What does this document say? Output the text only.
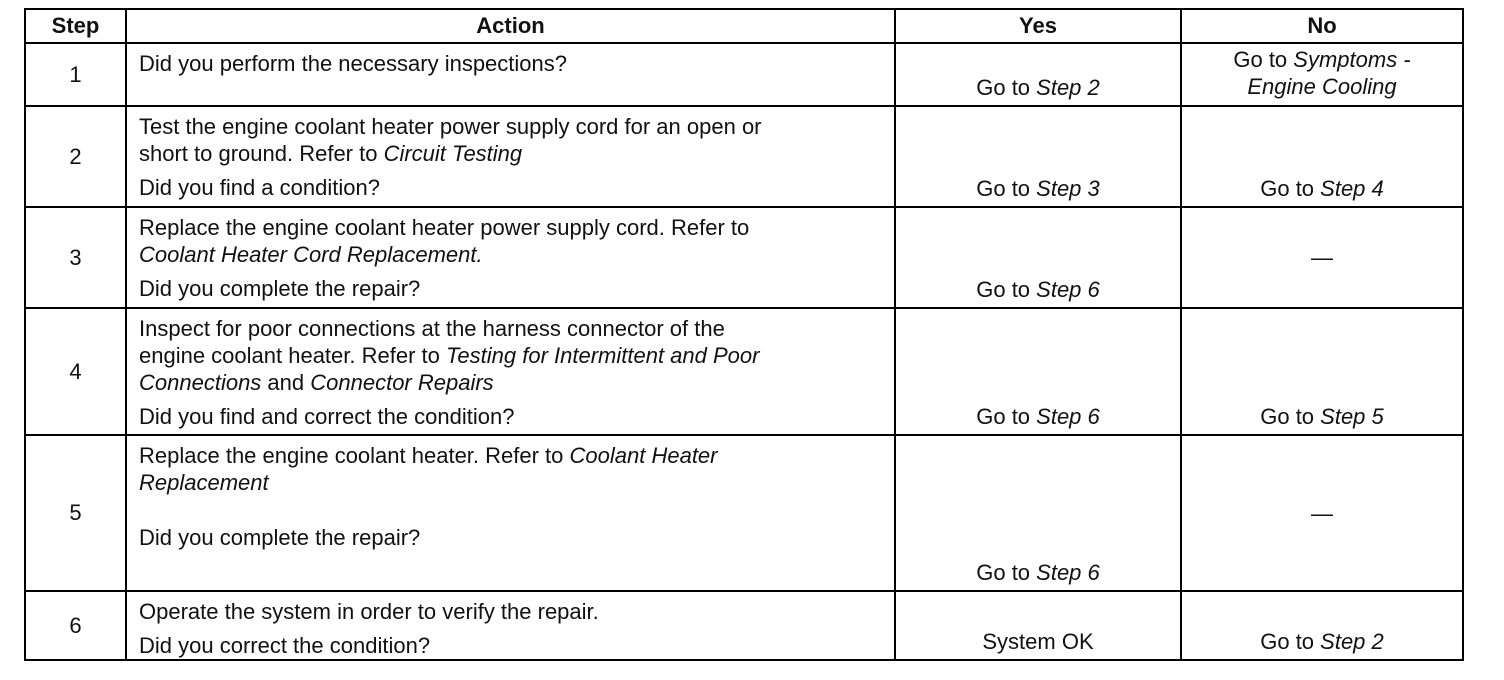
Step	Action	Yes	No
1	Did you perform the necessary inspections?	Go to Step 2	Go to Symptoms -
Engine Cooling
2	Test the engine coolant heater power supply cord for an open or
short to ground. Refer to Circuit Testing
Did you find a condition?	Go to Step 3	Go to Step 4
3	Replace the engine coolant heater power supply cord. Refer to
Coolant Heater Cord Replacement.
Did you complete the repair?	Go to Step 6	—
4	Inspect for poor connections at the harness connector of the
engine coolant heater. Refer to Testing for Intermittent and Poor
Connections and Connector Repairs
Did you find and correct the condition?	Go to Step 6	Go to Step 5
5	Replace the engine coolant heater. Refer to Coolant Heater
Replacement
Did you complete the repair?	Go to Step 6	—
6	Operate the system in order to verify the repair.
Did you correct the condition?	System OK	Go to Step 2
